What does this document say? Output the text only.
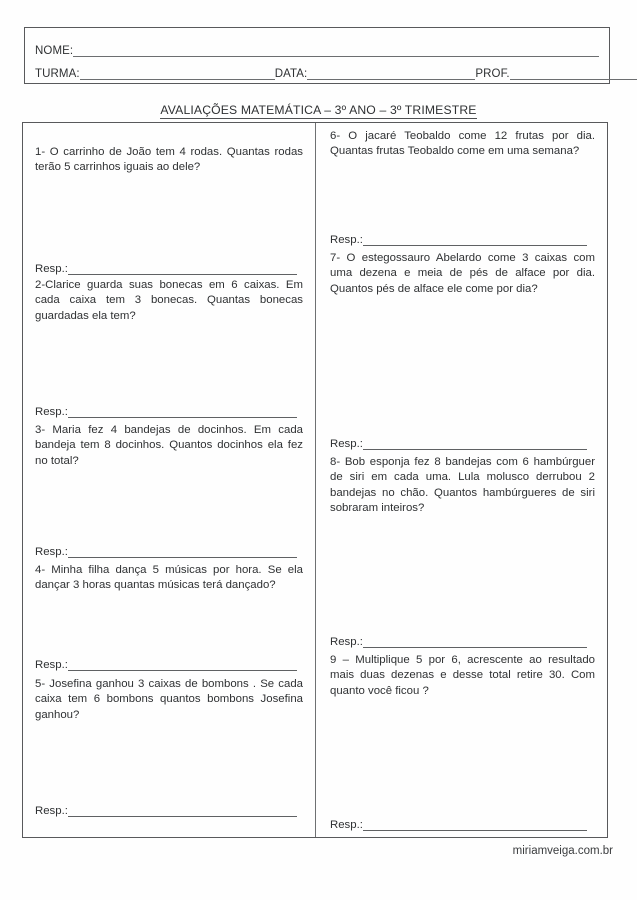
NOME:
TURMA:	DATA:	PROF.
AVALIAÇÕES MATEMÁTICA – 3º ANO – 3º TRIMESTRE
1- O carrinho de João tem 4 rodas. Quantas rodas terão 5 carrinhos iguais ao dele?
Resp.:
2-Clarice guarda suas bonecas em 6 caixas. Em cada caixa tem 3 bonecas. Quantas bonecas guardadas ela tem?
Resp.:
3- Maria fez 4 bandejas de docinhos. Em cada bandeja tem 8 docinhos. Quantos docinhos ela fez no total?
Resp.:
4- Minha filha dança 5 músicas por hora. Se ela dançar 3 horas quantas músicas terá dançado?
Resp.:
5- Josefina ganhou 3 caixas de bombons . Se cada caixa tem 6 bombons quantos bombons Josefina ganhou?
Resp.:
6- O jacaré Teobaldo come 12 frutas por dia. Quantas frutas Teobaldo come em uma semana?
Resp.:
7- O estegossauro Abelardo come 3 caixas com uma dezena e meia de pés de alface por dia. Quantos pés de alface ele come por dia?
Resp.:
8- Bob esponja fez 8 bandejas com 6 hambúrguer de siri em cada uma. Lula molusco derrubou 2 bandejas no chão. Quantos hambúrgueres de siri sobraram inteiros?
Resp.:
9 – Multiplique 5 por 6, acrescente ao resultado mais duas dezenas e desse total retire 30. Com quanto você ficou ?
Resp.:
miriamveiga.com.br
